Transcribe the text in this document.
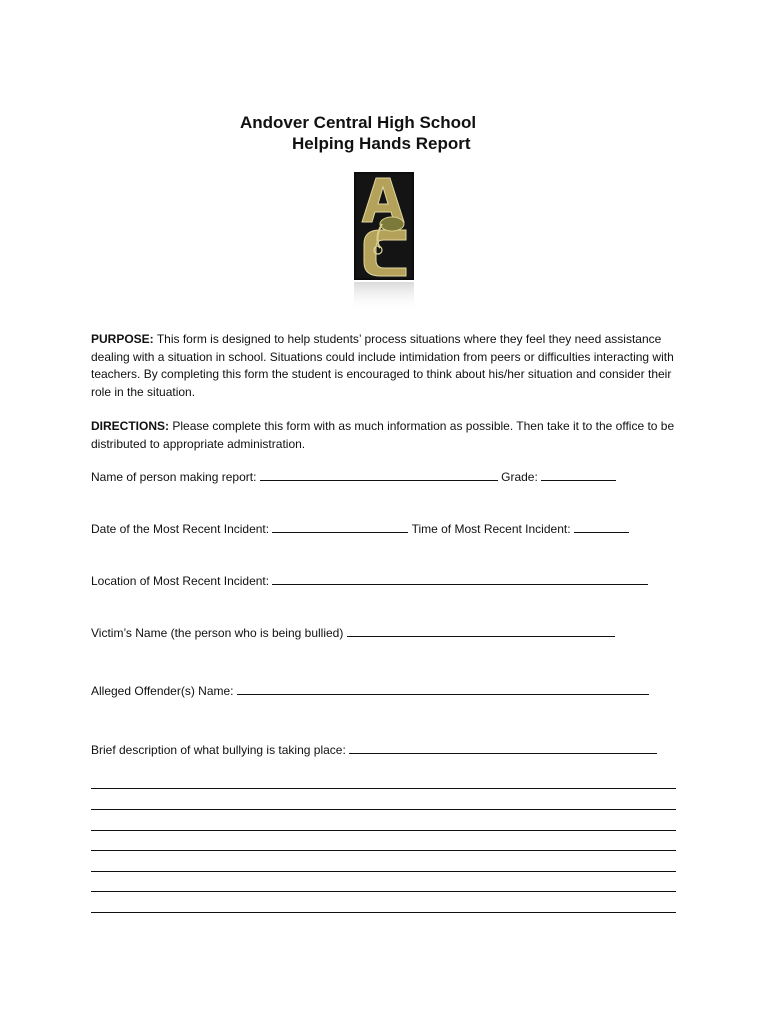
Andover Central High School
Helping Hands Report
PURPOSE: This form is designed to help students’ process situations where they feel they need assistance dealing with a situation in school. Situations could include intimidation from peers or difficulties interacting with teachers. By completing this form the student is encouraged to think about his/her situation and consider their role in the situation.
DIRECTIONS: Please complete this form with as much information as possible. Then take it to the office to be distributed to appropriate administration.
Name of person making report:	Grade:
Date of the Most Recent Incident:	Time of Most Recent Incident:
Location of Most Recent Incident:
Victim’s Name (the person who is being bullied)
Alleged Offender(s) Name:
Brief description of what bullying is taking place:
